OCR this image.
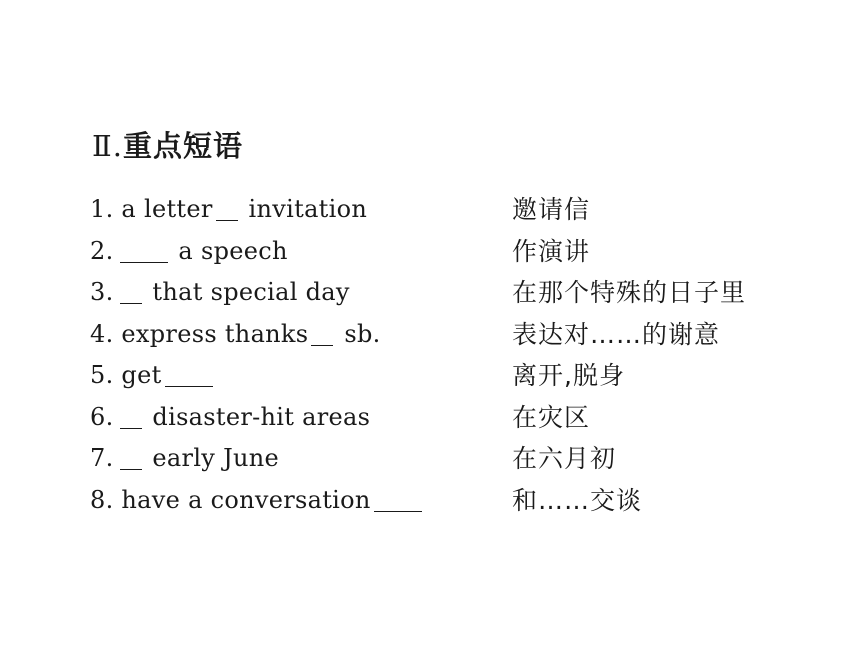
Ⅱ.重点短语
1. a letter invitation	邀请信
2. a speech	作演讲
3. that special day	在那个特殊的日子里
4. express thanks sb.	表达对……的谢意
5. get	离开,脱身
6. disaster-hit areas	在灾区
7. early June	在六月初
8. have a conversation	和……交谈
